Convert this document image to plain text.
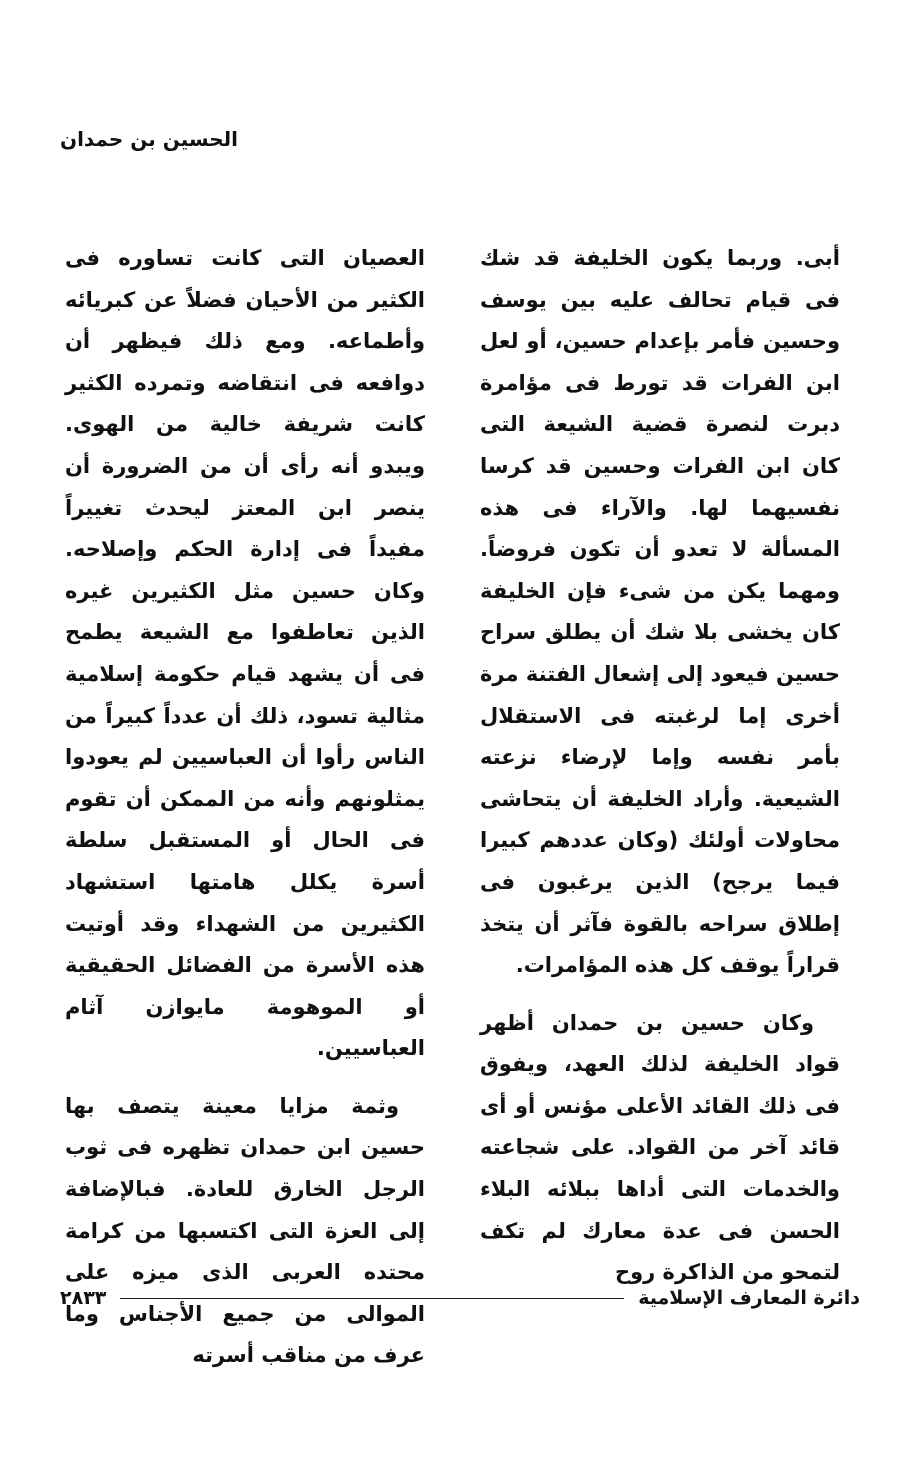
الحسين بن حمدان

أبى. وربما يكون الخليفة قد شك فى قيام تحالف عليه بين يوسف وحسين فأمر بإعدام حسين، أو لعل ابن الفرات قد تورط فى مؤامرة دبرت لنصرة قضية الشيعة التى كان ابن الفرات وحسين قد كرسا نفسيهما لها. والآراء فى هذه المسألة لا تعدو أن تكون فروضاً. ومهما يكن من شىء فإن الخليفة كان يخشى بلا شك أن يطلق سراح حسين فيعود إلى إشعال الفتنة مرة أخرى إما لرغبته فى الاستقلال بأمر نفسه وإما لإرضاء نزعته الشيعية. وأراد الخليفة أن يتحاشى محاولات أولئك (وكان عددهم كبيرا فيما يرجح) الذين يرغبون فى إطلاق سراحه بالقوة فآثر أن يتخذ قراراً يوقف كل هذه المؤامرات.

وكان حسين بن حمدان أظهر قواد الخليفة لذلك العهد، ويفوق فى ذلك القائد الأعلى مؤنس أو أى قائد آخر من القواد. على شجاعته والخدمات التى أداها ببلائه البلاء الحسن فى عدة معارك لم تكف لتمحو من الذاكرة روح

العصيان التى كانت تساوره فى الكثير من الأحيان فضلاً عن كبريائه وأطماعه. ومع ذلك فيظهر أن دوافعه فى انتقاضه وتمرده الكثير كانت شريفة خالية من الهوى. ويبدو أنه رأى أن من الضرورة أن ينصر ابن المعتز ليحدث تغييراً مفيداً فى إدارة الحكم وإصلاحه. وكان حسين مثل الكثيرين غيره الذين تعاطفوا مع الشيعة يطمح فى أن يشهد قيام حكومة إسلامية مثالية تسود، ذلك أن عدداً كبيراً من الناس رأوا أن العباسيين لم يعودوا يمثلونهم وأنه من الممكن أن تقوم فى الحال أو المستقبل سلطة أسرة يكلل هامتها استشهاد الكثيرين من الشهداء وقد أوتيت هذه الأسرة من الفضائل الحقيقية أو الموهومة مايوازن آثام العباسيين.

وثمة مزايا معينة يتصف بها حسين ابن حمدان تظهره فى ثوب الرجل الخارق للعادة. فبالإضافة إلى العزة التى اكتسبها من كرامة محتده العربى الذى ميزه على الموالى من جميع الأجناس وما عرف من مناقب أسرته

دائرة المعارف الإسلامية
٢٨٣٣
